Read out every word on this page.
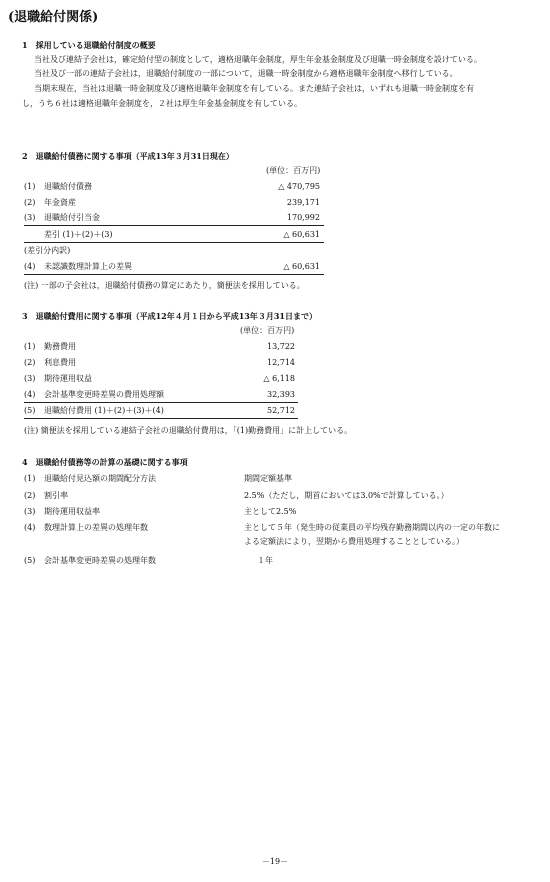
(退職給付関係)
1　採用している退職給付制度の概要
当社及び連結子会社は，確定給付型の制度として，適格退職年金制度，厚生年金基金制度及び退職一時金制度を設けている。
当社及び一部の連結子会社は，退職給付制度の一部について，退職一時金制度から適格退職年金制度へ移行している。
当期末現在，当社は退職一時金制度及び適格退職年金制度を有している。また連結子会社は，いずれも退職一時金制度を有
し，うち６社は適格退職年金制度を，２社は厚生年金基金制度を有している。
2　退職給付債務に関する事項（平成13年３月31日現在）
(単位：百万円)
(1) 退職給付債務	△ 470,795
(2) 年金資産	239,171
(3) 退職給付引当金	170,992
差引 (1)＋(2)＋(3)	△ 60,631
(差引分内訳)
(4) 未認識数理計算上の差異	△ 60,631
(注) 一部の子会社は，退職給付債務の算定にあたり，簡便法を採用している。
3　退職給付費用に関する事項（平成12年４月１日から平成13年３月31日まで）
(単位：百万円)
(1) 勤務費用	13,722
(2) 利息費用	12,714
(3) 期待運用収益	△ 6,118
(4) 会計基準変更時差異の費用処理額	32,393
(5) 退職給付費用 (1)＋(2)＋(3)＋(4)	52,712
(注) 簡便法を採用している連結子会社の退職給付費用は，「(1)勤務費用」に計上している。
4　退職給付債務等の計算の基礎に関する事項
(1) 退職給付見込額の期間配分方法	期間定額基準
(2) 割引率	2.5%（ただし，期首においては3.0%で計算している。）
(3) 期待運用収益率	主として2.5%
(4) 数理計算上の差異の処理年数	主として５年（発生時の従業員の平均残存勤務期間以内の一定の年数に
よる定額法により，翌期から費用処理することとしている。）
(5) 会計基準変更時差異の処理年数	１年
－19－
